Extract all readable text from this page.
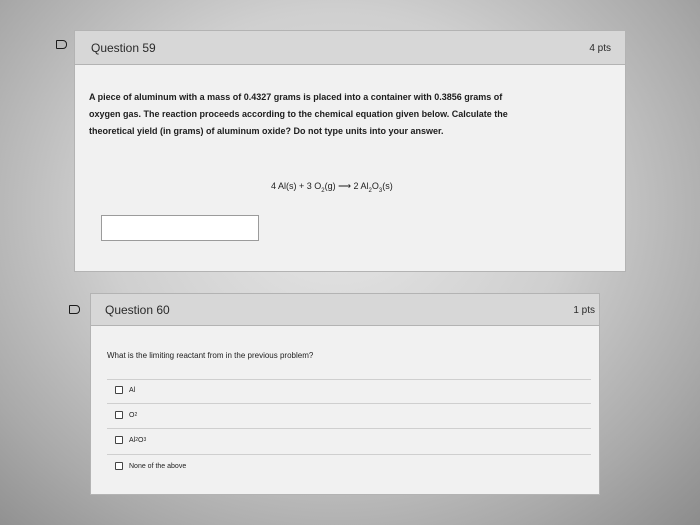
Question 59	4 pts
A piece of aluminum with a mass of 0.4327 grams is placed into a container with 0.3856 grams of
oxygen gas. The reaction proceeds according to the chemical equation given below. Calculate the
theoretical yield (in grams) of aluminum oxide? Do not type units into your answer.
4 Al(s) + 3 $O_2(g)$ ⟶ 2 $Al_2O_3(s)$
Question 60	1 pts
What is the limiting reactant from in the previous problem?
Al
O 2
Al 2 O 3
None of the above
